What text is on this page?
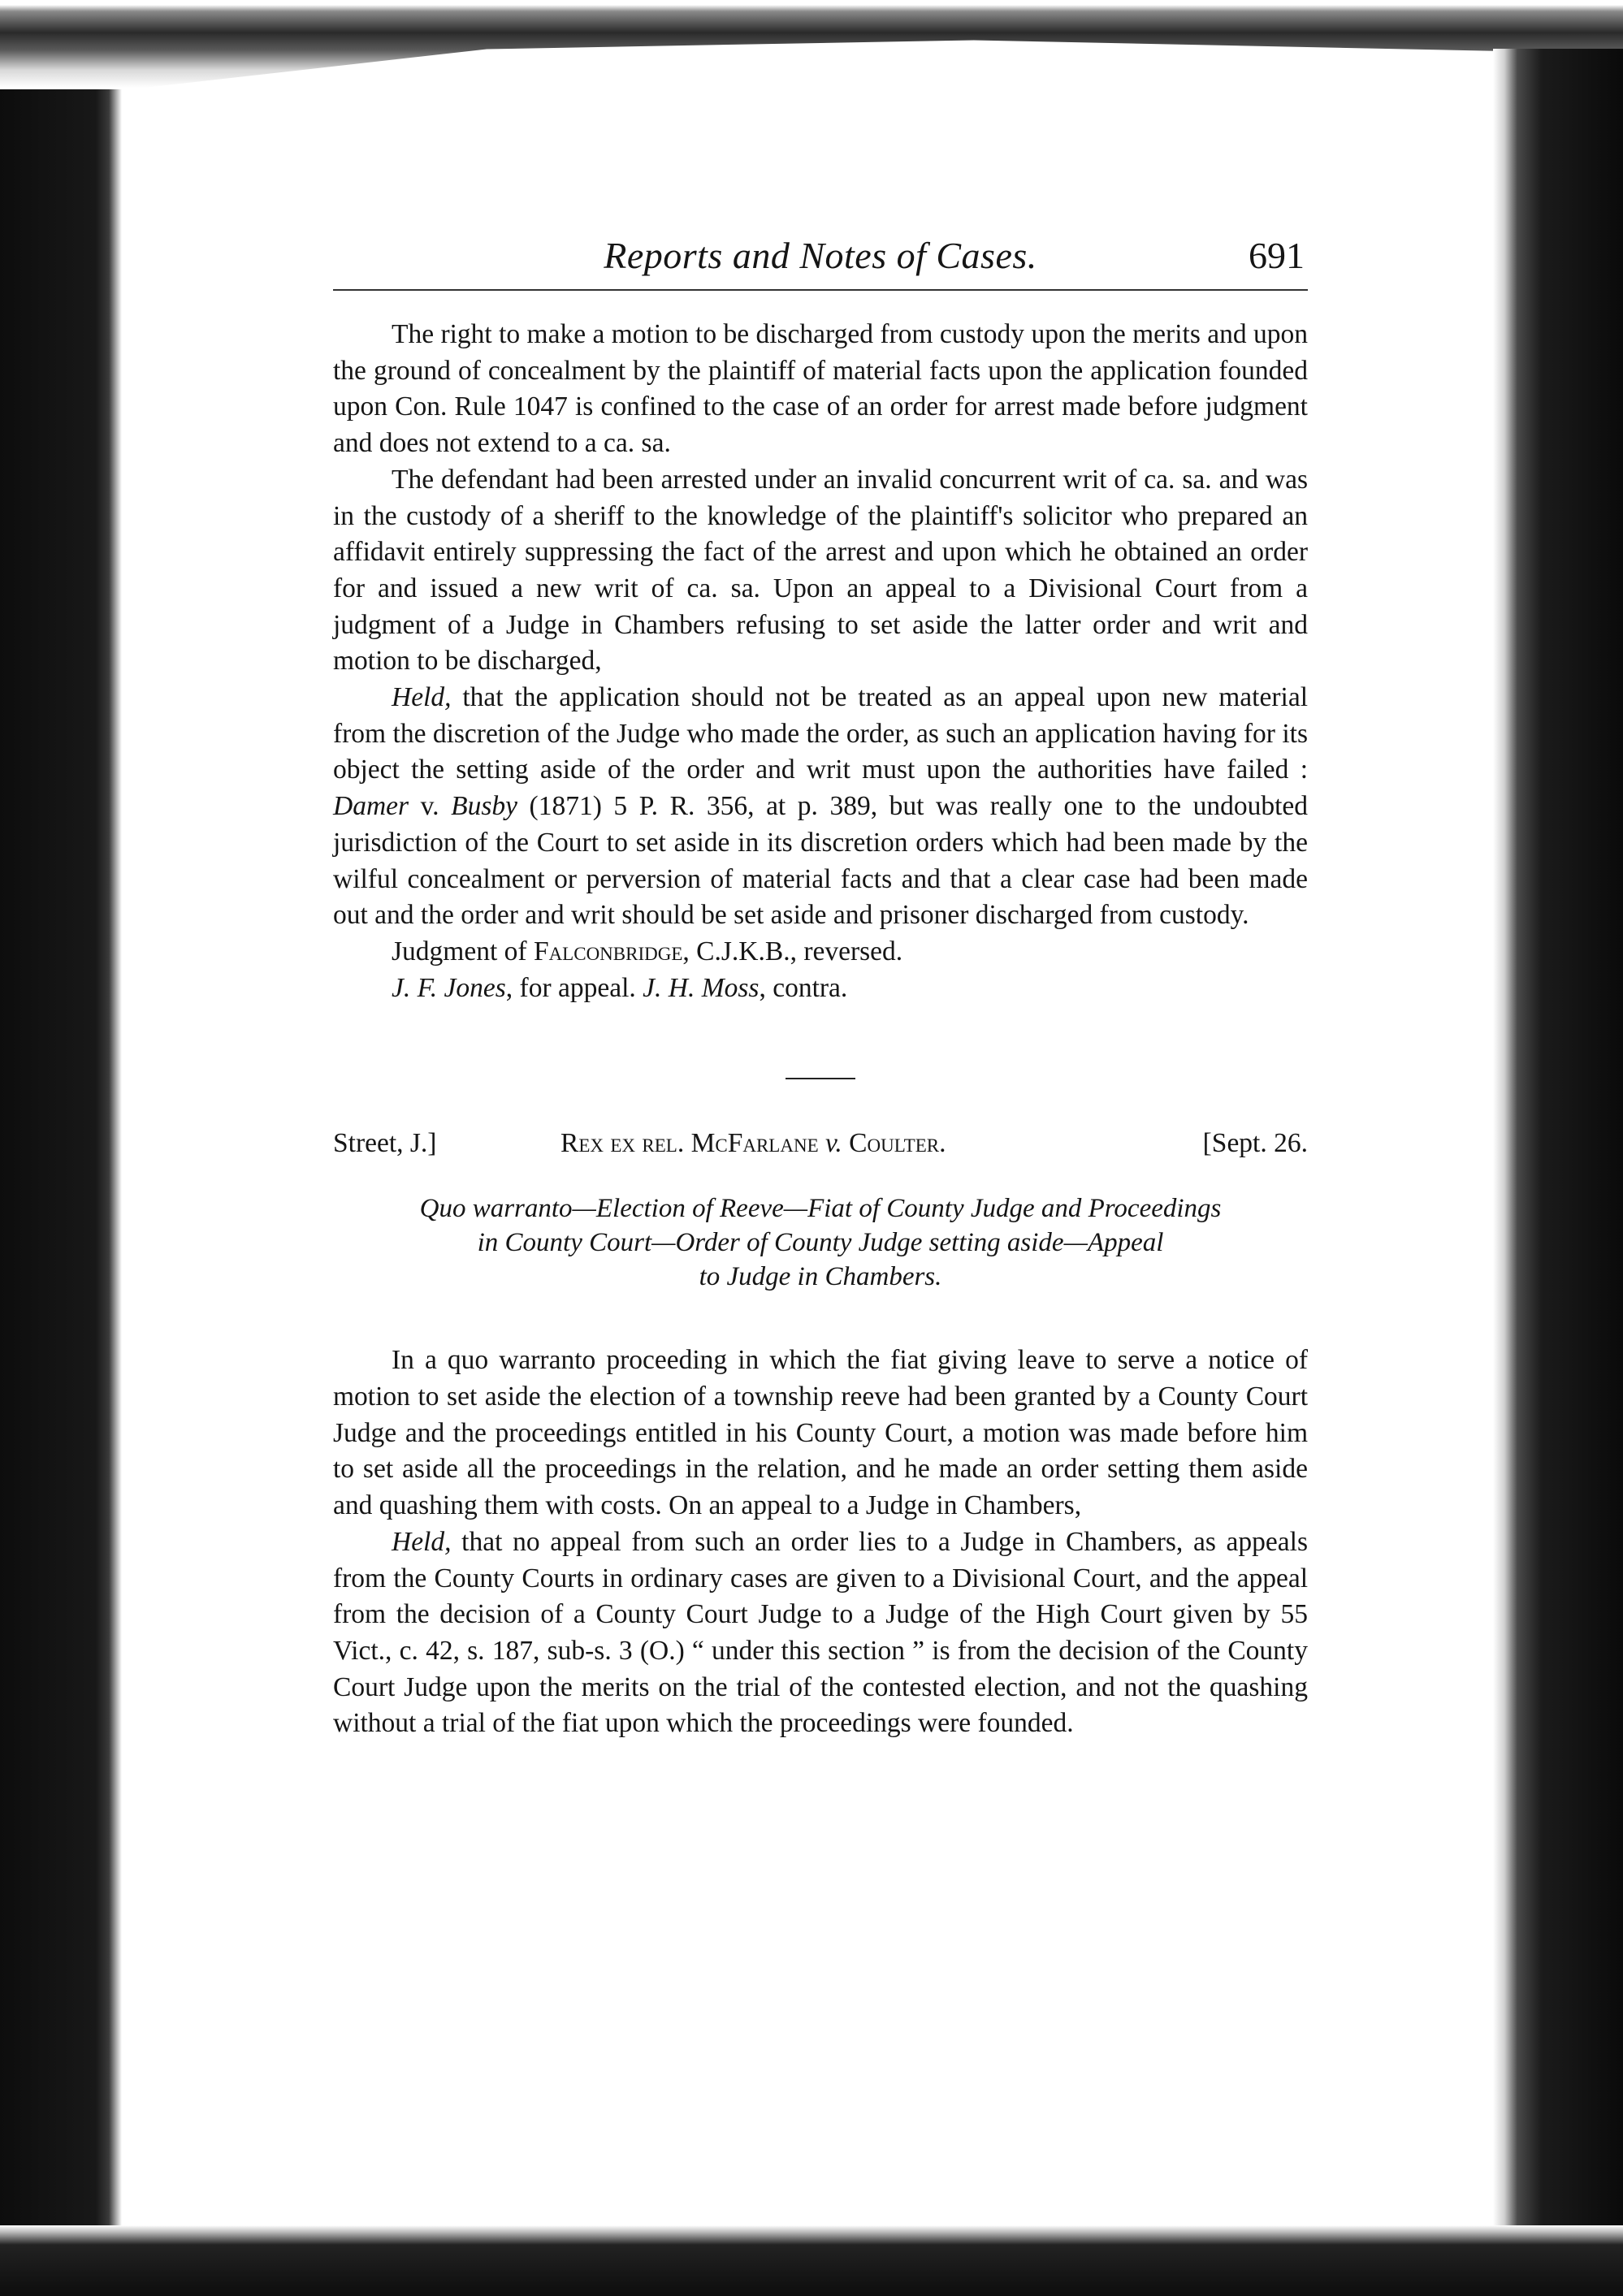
Reports and Notes of Cases.	691

The right to make a motion to be discharged from custody upon the merits and upon the ground of concealment by the plaintiff of material facts upon the application founded upon Con. Rule 1047 is confined to the case of an order for arrest made before judgment and does not extend to a ca. sa.

The defendant had been arrested under an invalid concurrent writ of ca. sa. and was in the custody of a sheriff to the knowledge of the plaintiff's solicitor who prepared an affidavit entirely suppressing the fact of the arrest and upon which he obtained an order for and issued a new writ of ca. sa. Upon an appeal to a Divisional Court from a judgment of a Judge in Chambers refusing to set aside the latter order and writ and motion to be discharged,

Held, that the application should not be treated as an appeal upon new material from the discretion of the Judge who made the order, as such an application having for its object the setting aside of the order and writ must upon the authorities have failed : Damer v. Busby (1871) 5 P. R. 356, at p. 389, but was really one to the undoubted jurisdiction of the Court to set aside in its discretion orders which had been made by the wilful concealment or perversion of material facts and that a clear case had been made out and the order and writ should be set aside and prisoner discharged from custody.

Judgment of Falconbridge, C.J.K.B., reversed.

J. F. Jones, for appeal. J. H. Moss, contra.

Street, J.]	Rex ex rel. McFarlane v. Coulter.	[Sept. 26.
Quo warranto—Election of Reeve—Fiat of County Judge and Proceedings
in County Court—Order of County Judge setting aside—Appeal
to Judge in Chambers.

In a quo warranto proceeding in which the fiat giving leave to serve a notice of motion to set aside the election of a township reeve had been granted by a County Court Judge and the proceedings entitled in his County Court, a motion was made before him to set aside all the proceedings in the relation, and he made an order setting them aside and quashing them with costs. On an appeal to a Judge in Chambers,

Held, that no appeal from such an order lies to a Judge in Chambers, as appeals from the County Courts in ordinary cases are given to a Divisional Court, and the appeal from the decision of a County Court Judge to a Judge of the High Court given by 55 Vict., c. 42, s. 187, sub-s. 3 (O.) “ under this section ” is from the decision of the County Court Judge upon the merits on the trial of the contested election, and not the quashing without a trial of the fiat upon which the proceedings were founded.
